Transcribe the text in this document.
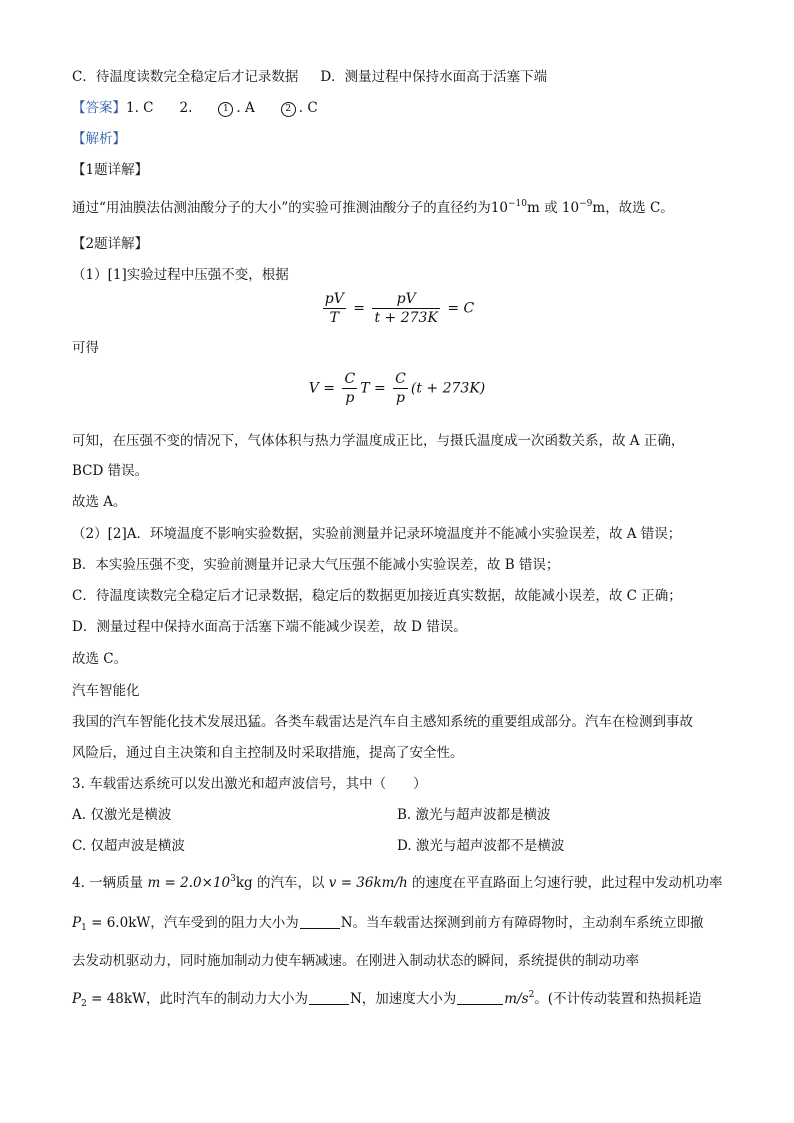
C．待温度读数完全稳定后才记录数据 D．测量过程中保持水面高于活塞下端
【答案】1. C 2.	1 . A	2 . C
【解析】
【1题详解】
通过“用油膜法估测油酸分子的大小”的实验可推测油酸分子的直径约为$10^{-10}m$ 或 $10^{-9}m$，故选 C。
【2题详解】
（1）[1]实验过程中压强不变，根据
$\frac{pV}{T} = \frac{pV}{t + 273K} = C$
可得
$V = \frac{C}{p}$ $T = \frac{C}{p} (t + 273K)$
可知，在压强不变的情况下，气体体积与热力学温度成正比，与摄氏温度成一次函数关系，故 A 正确，
BCD 错误。
故选 A。
（2）[2]A．环境温度不影响实验数据，实验前测量并记录环境温度并不能减小实验误差，故 A 错误；
B．本实验压强不变，实验前测量并记录大气压强不能减小实验误差，故 B 错误；
C．待温度读数完全稳定后才记录数据，稳定后的数据更加接近真实数据，故能减小误差，故 C 正确；
D．测量过程中保持水面高于活塞下端不能减少误差，故 D 错误。
故选 C。
汽车智能化
我国的汽车智能化技术发展迅猛。各类车载雷达是汽车自主感知系统的重要组成部分。汽车在检测到事故
风险后，通过自主决策和自主控制及时采取措施，提高了安全性。
3. 车载雷达系统可以发出激光和超声波信号，其中（　　）
A. 仅激光是横波	B. 激光与超声波都是横波
C. 仅超声波是横波	D. 激光与超声波都不是横波
4. 一辆质量 $m = 2.0\times 10^3kg$ 的汽车，以 v = 36km/h 的速度在平直路面上匀速行驶，此过程中发动机功率
$P_1 = 6.0kW$，汽车受到的阻力大小为	N。当车载雷达探测到前方有障碍物时，主动刹车系统立即撤
去发动机驱动力，同时施加制动力使车辆减速。在刚进入制动状态的瞬间，系统提供的制动功率
$P_2 = 48kW$，此时汽车的制动力大小为	N，加速度大小为	$m/s^2$。(不计传动装置和热损耗造
